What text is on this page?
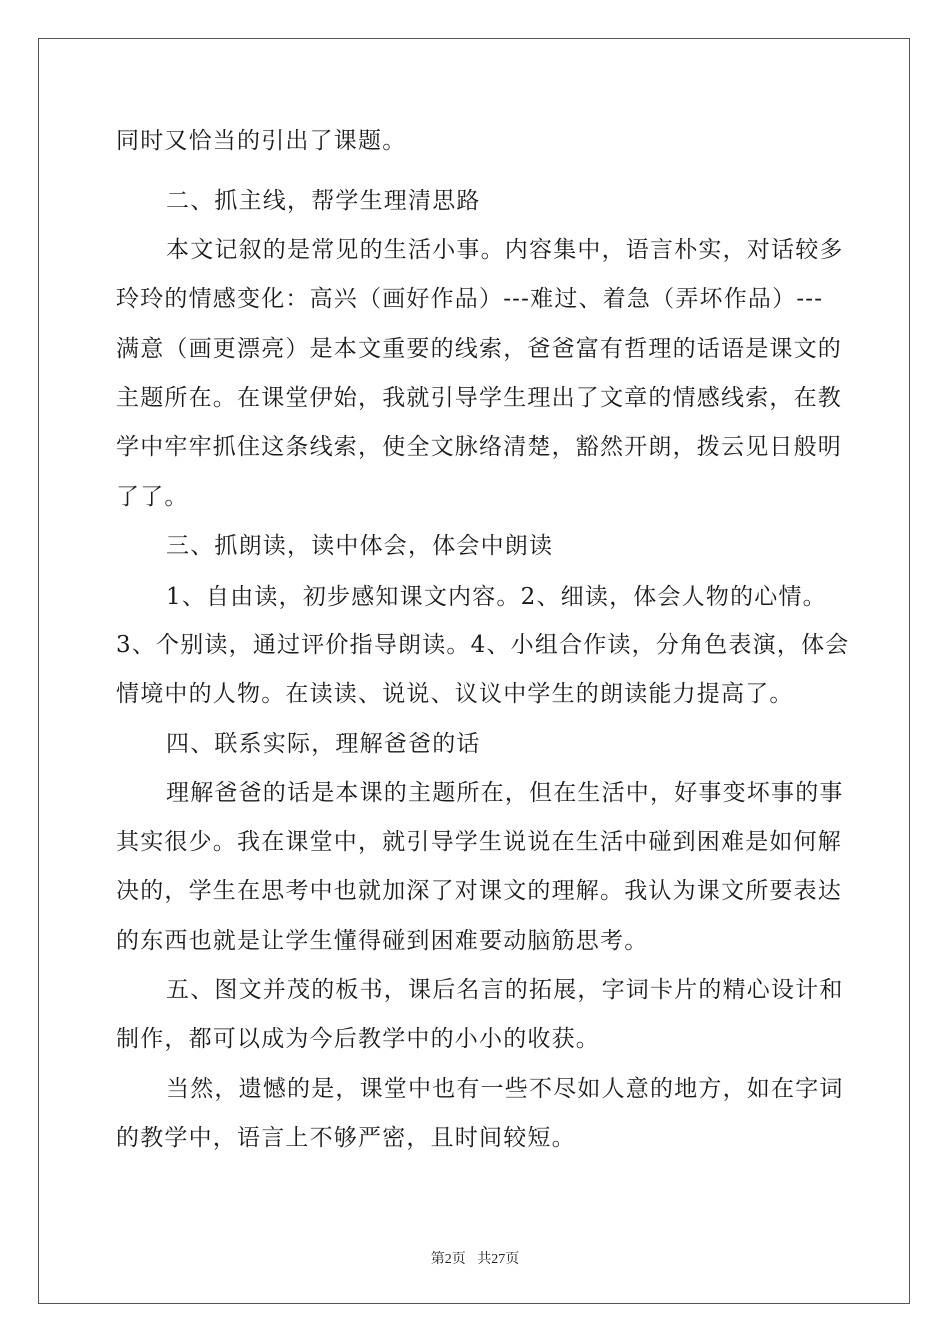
同时又恰当的引出了课题。
二、抓主线，帮学生理清思路
本文记叙的是常见的生活小事。内容集中，语言朴实，对话较多
玲玲的情感变化：高兴（画好作品）---难过、着急（弄坏作品）---
满意（画更漂亮）是本文重要的线索，爸爸富有哲理的话语是课文的
主题所在。在课堂伊始，我就引导学生理出了文章的情感线索，在教
学中牢牢抓住这条线索，使全文脉络清楚，豁然开朗，拨云见日般明
了了。
三、抓朗读，读中体会，体会中朗读
1、自由读，初步感知课文内容。2、细读，体会人物的心情。
3、个别读，通过评价指导朗读。4、小组合作读，分角色表演，体会
情境中的人物。在读读、说说、议议中学生的朗读能力提高了。
四、联系实际，理解爸爸的话
理解爸爸的话是本课的主题所在，但在生活中，好事变坏事的事
其实很少。我在课堂中，就引导学生说说在生活中碰到困难是如何解
决的，学生在思考中也就加深了对课文的理解。我认为课文所要表达
的东西也就是让学生懂得碰到困难要动脑筋思考。
五、图文并茂的板书，课后名言的拓展，字词卡片的精心设计和
制作，都可以成为今后教学中的小小的收获。
当然，遗憾的是，课堂中也有一些不尽如人意的地方，如在字词
的教学中，语言上不够严密，且时间较短。
第2页 共27页
